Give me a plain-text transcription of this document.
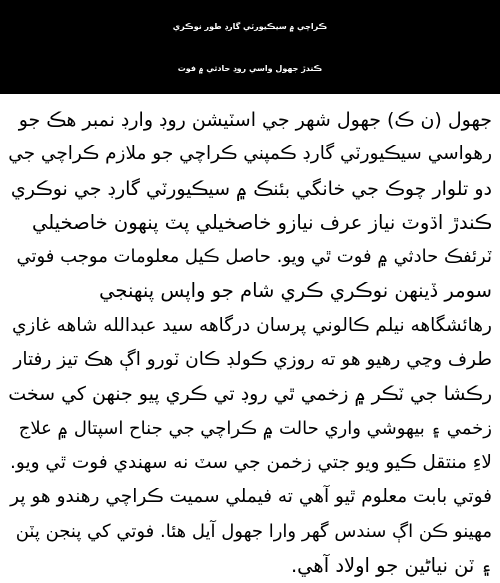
ڪراچي ۾ سيڪيورٽي گارڊ طور نوڪري
ڪندڙ جهول واسي روڊ حادثي ۾ فوت
جهول (ن ڪ) جهول شهر جي اسٽيشن روڊ وارڊ نمبر هڪ جو
رهواسي سيڪيورٽي گارڊ ڪمپني ڪراچي جو ملازم ڪراچي جي
دو تلوار چوڪ جي خانگي بئنڪ ۾ سيڪيورٽي گارڊ جي نوڪري
ڪندڙ اڌوٽ نياز عرف نيازو خاصخيلي پٽ پنهون خاصخيلي
ٽرئفڪ حادثي ۾ فوت ٿي ويو. حاصل ڪيل معلومات موجب فوتي
سومر ڏينهن نوڪري ڪري شام جو واپس پنهنجي
رهائشگاهه نيلم ڪالوني پرسان درگاهه سيد عبدالله شاهه غازي
طرف وڃي رهيو هو ته روزي ڪولڊ ڪان ٽورو اڳ هڪ تيز رفتار
رڪشا جي ٽڪر ۾ زخمي ٿي روڊ تي ڪري پيو جنهن کي سخت
زخمي ۽ بيهوشي واري حالت ۾ ڪراچي جي جناح اسپتال ۾ علاج
لاءِ منتقل ڪيو ويو جتي زخمن جي سٽ نه سهندي فوت ٿي ويو.
فوتي بابت معلوم ٿيو آهي ته فيملي سميت ڪراچي رهندو هو پر
مهينو ڪن اڳ سندس گهر وارا جهول آيل هئا. فوتي کي پنجن پٽن
۽ ٽن نياڻين جو اولاد آهي.
